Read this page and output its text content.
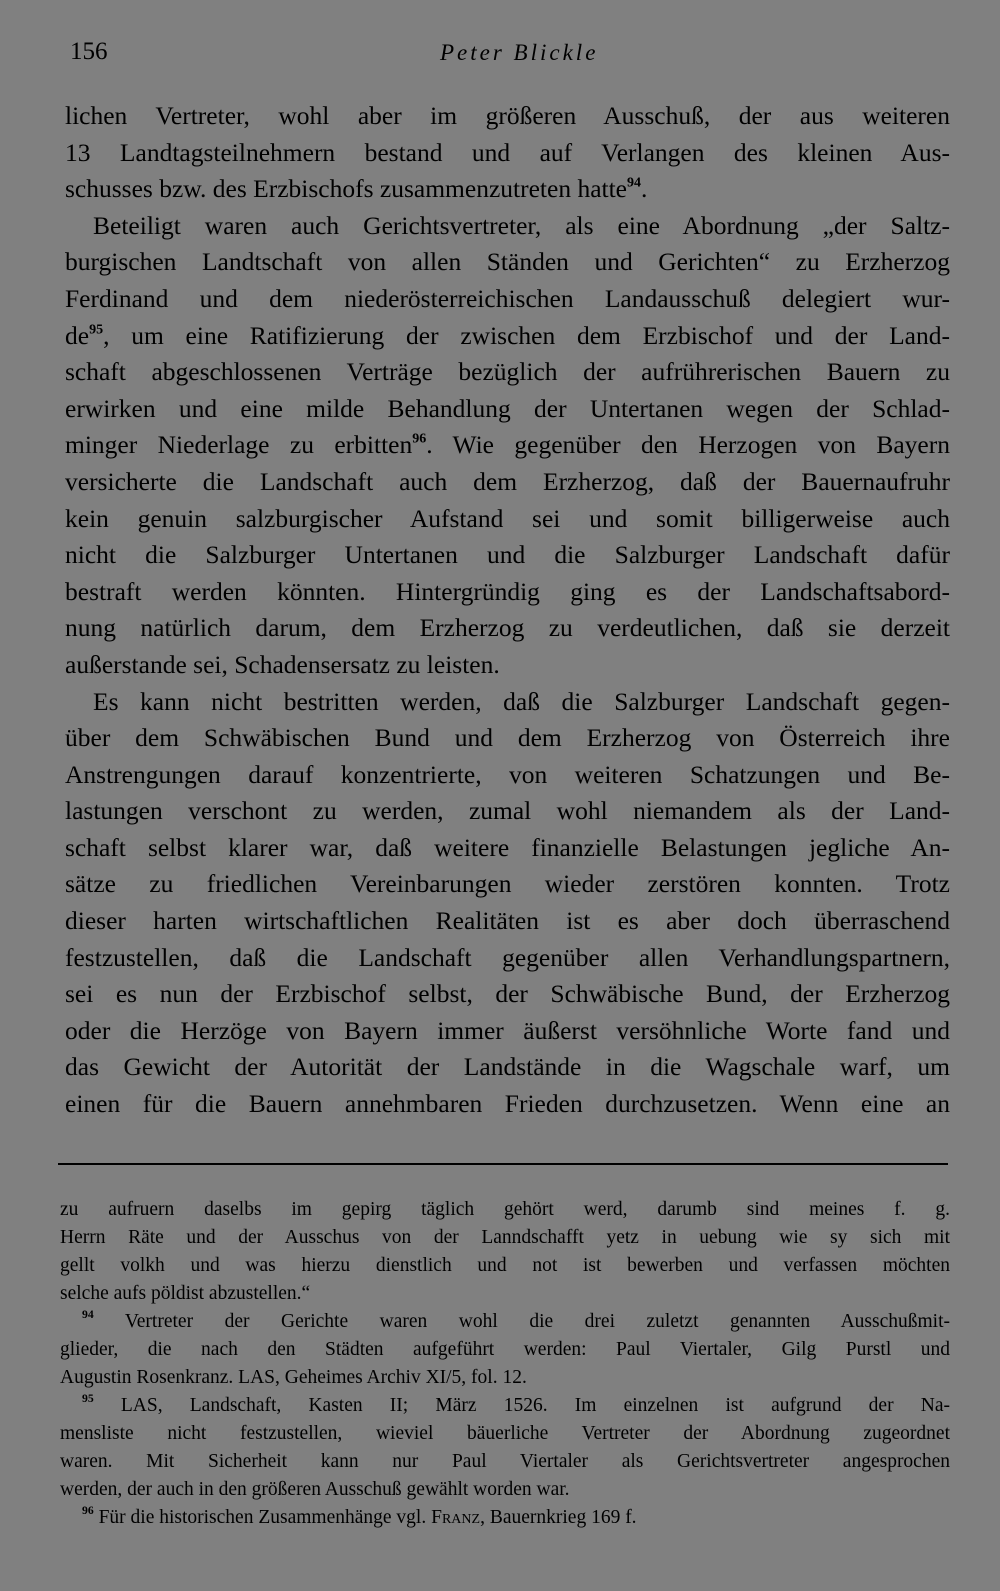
156	Peter Blickle
lichen Vertreter, wohl aber im größeren Ausschuß, der aus weiteren
13 Landtagsteilnehmern bestand und auf Verlangen des kleinen Aus-
schusses bzw. des Erzbischofs zusammenzutreten hatte$^{94}$.
Beteiligt waren auch Gerichtsvertreter, als eine Abordnung „der Saltz-
burgischen Landtschaft von allen Ständen und Gerichten“ zu Erzherzog
Ferdinand und dem niederösterreichischen Landausschuß delegiert wur-
$de^{95}$, um eine Ratifizierung der zwischen dem Erzbischof und der Land-
schaft abgeschlossenen Verträge bezüglich der aufrührerischen Bauern zu
erwirken und eine milde Behandlung der Untertanen wegen der Schlad-
minger Niederlage zu erbitten$^{96}$. Wie gegenüber den Herzogen von Bayern
versicherte die Landschaft auch dem Erzherzog, daß der Bauernaufruhr
kein genuin salzburgischer Aufstand sei und somit billigerweise auch
nicht die Salzburger Untertanen und die Salzburger Landschaft dafür
bestraft werden könnten. Hintergründig ging es der Landschaftsabord-
nung natürlich darum, dem Erzherzog zu verdeutlichen, daß sie derzeit
außerstande sei, Schadensersatz zu leisten.
Es kann nicht bestritten werden, daß die Salzburger Landschaft gegen-
über dem Schwäbischen Bund und dem Erzherzog von Österreich ihre
Anstrengungen darauf konzentrierte, von weiteren Schatzungen und Be-
lastungen verschont zu werden, zumal wohl niemandem als der Land-
schaft selbst klarer war, daß weitere finanzielle Belastungen jegliche An-
sätze zu friedlichen Vereinbarungen wieder zerstören konnten. Trotz
dieser harten wirtschaftlichen Realitäten ist es aber doch überraschend
festzustellen, daß die Landschaft gegenüber allen Verhandlungspartnern,
sei es nun der Erzbischof selbst, der Schwäbische Bund, der Erzherzog
oder die Herzöge von Bayern immer äußerst versöhnliche Worte fand und
das Gewicht der Autorität der Landstände in die Wagschale warf, um
einen für die Bauern annehmbaren Frieden durchzusetzen. Wenn eine an
zu aufruern daselbs im gepirg täglich gehört werd, darumb sind meines f. g.
Herrn Räte und der Ausschus von der Lanndschafft yetz in uebung wie sy sich mit
gellt volkh und was hierzu dienstlich und not ist bewerben und verfassen möchten
selche aufs pöldist abzustellen.“
$^{94}$ Vertreter der Gerichte waren wohl die drei zuletzt genannten Ausschußmit-
glieder, die nach den Städten aufgeführt werden: Paul Viertaler, Gilg Purstl und
Augustin Rosenkranz. LAS, Geheimes Archiv XI/5, fol. 12.
$^{95}$ LAS, Landschaft, Kasten II; März 1526. Im einzelnen ist aufgrund der Na-
mensliste nicht festzustellen, wieviel bäuerliche Vertreter der Abordnung zugeordnet
waren. Mit Sicherheit kann nur Paul Viertaler als Gerichtsvertreter angesprochen
werden, der auch in den größeren Ausschuß gewählt worden war.
$^{96}$ Für die historischen Zusammenhänge vgl. Franz, Bauernkrieg 169 f.
